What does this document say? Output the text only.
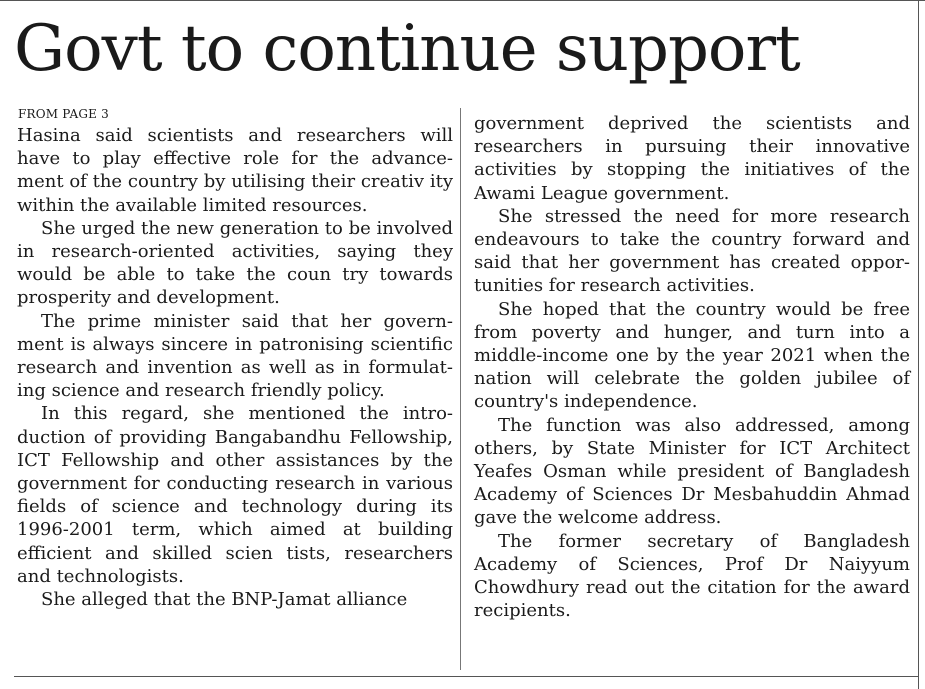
Govt to continue support
FROM PAGE 3

Hasina said scientists and researchers will have to play effective role for the advance ment of the country by utilising their creativ ity within the available limited resources.

She urged the new generation to be involved in research-oriented activities, saying they would be able to take the coun try towards prosperity and development.

The prime minister said that her govern ment is always sincere in patronising scientific research and invention as well as in formulat ing science and research friendly policy.

In this regard, she mentioned the intro duction of providing Bangabandhu Fellowship, ICT Fellowship and other assistances by the government for conducting research in various fields of science and technology during its 1996-2001 term, which aimed at building efficient and skilled scien tists, researchers and technologists.

She alleged that the BNP-Jamat alliance

government deprived the scientists and researchers in pursuing their innovative activities by stopping the initiatives of the Awami League government.

She stressed the need for more research endeavours to take the country forward and said that her government has created oppor tunities for research activities.

She hoped that the country would be free from poverty and hunger, and turn into a middle-income one by the year 2021 when the nation will celebrate the golden jubilee of country's independence.

The function was also addressed, among others, by State Minister for ICT Architect Yeafes Osman while president of Bangladesh Academy of Sciences Dr Mesbahuddin Ahmad gave the welcome address.

The former secretary of Bangladesh Academy of Sciences, Prof Dr Naiyyum Chowdhury read out the citation for the award recipients.
